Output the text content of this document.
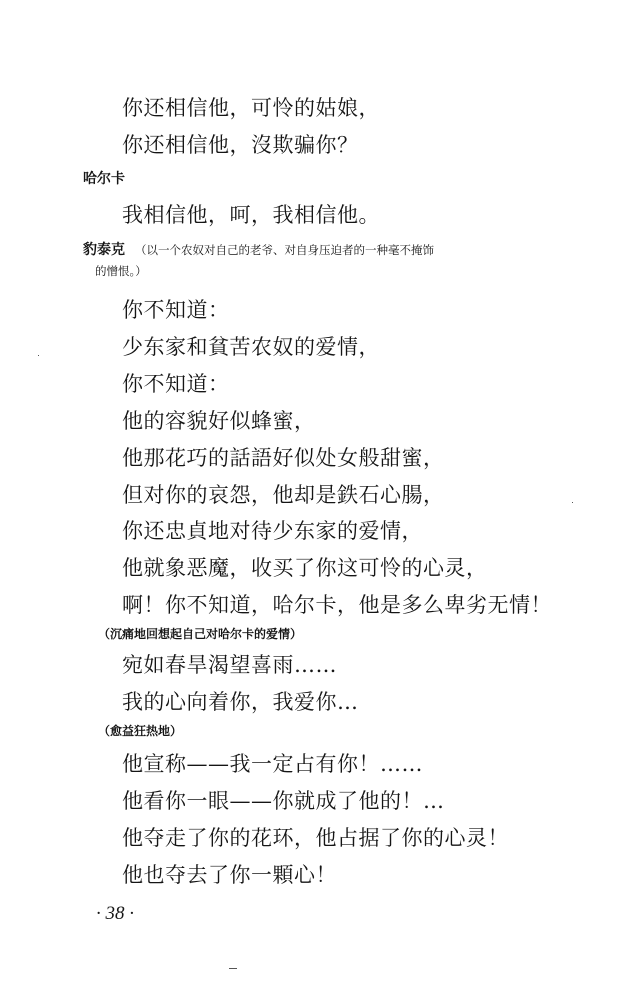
你还相信他，可怜的姑娘，
你还相信他，沒欺骗你？
哈尔卡
我相信他，呵，我相信他。
豹泰克 （以一个农奴对自己的老爷、对自身压迫者的一种毫不掩饰
的憎恨。）
你不知道：
少东家和貧苦农奴的爱情，
你不知道：
他的容貌好似蜂蜜，
他那花巧的話語好似处女般甜蜜，
但对你的哀怨，他却是鉄石心腸，
你还忠貞地对待少东家的爱情，
他就象恶魔，收买了你这可怜的心灵，
啊！你不知道，哈尔卡，他是多么卑劣无情！
（沉痛地回想起自己对哈尔卡的爱情）
宛如春旱渴望喜雨……
我的心向着你，我爱你…
（愈益狂热地）
他宣称——我一定占有你！……
他看你一眼——你就成了他的！…
他夺走了你的花环，他占据了你的心灵！
他也夺去了你一顆心！
· 38 ·
